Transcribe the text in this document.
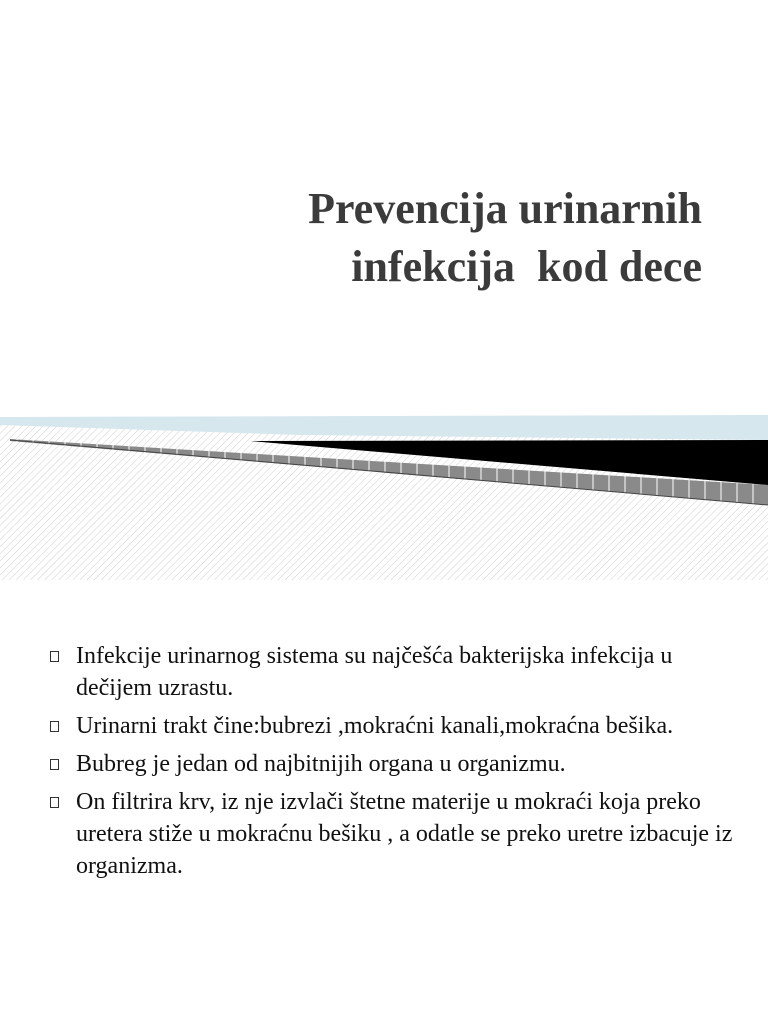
Prevencija urinarnih
infekcija  kod dece
Infekcije urinarnog sistema su najčešća bakterijska infekcija u dečijem uzrastu.
Urinarni trakt čine:bubrezi ,mokraćni kanali,mokraćna bešika.
Bubreg je jedan od najbitnijih organa u organizmu.
On filtrira krv, iz nje izvlači štetne materije u mokraći koja preko uretera stiže u mokraćnu bešiku , a odatle se preko uretre izbacuje iz organizma.
